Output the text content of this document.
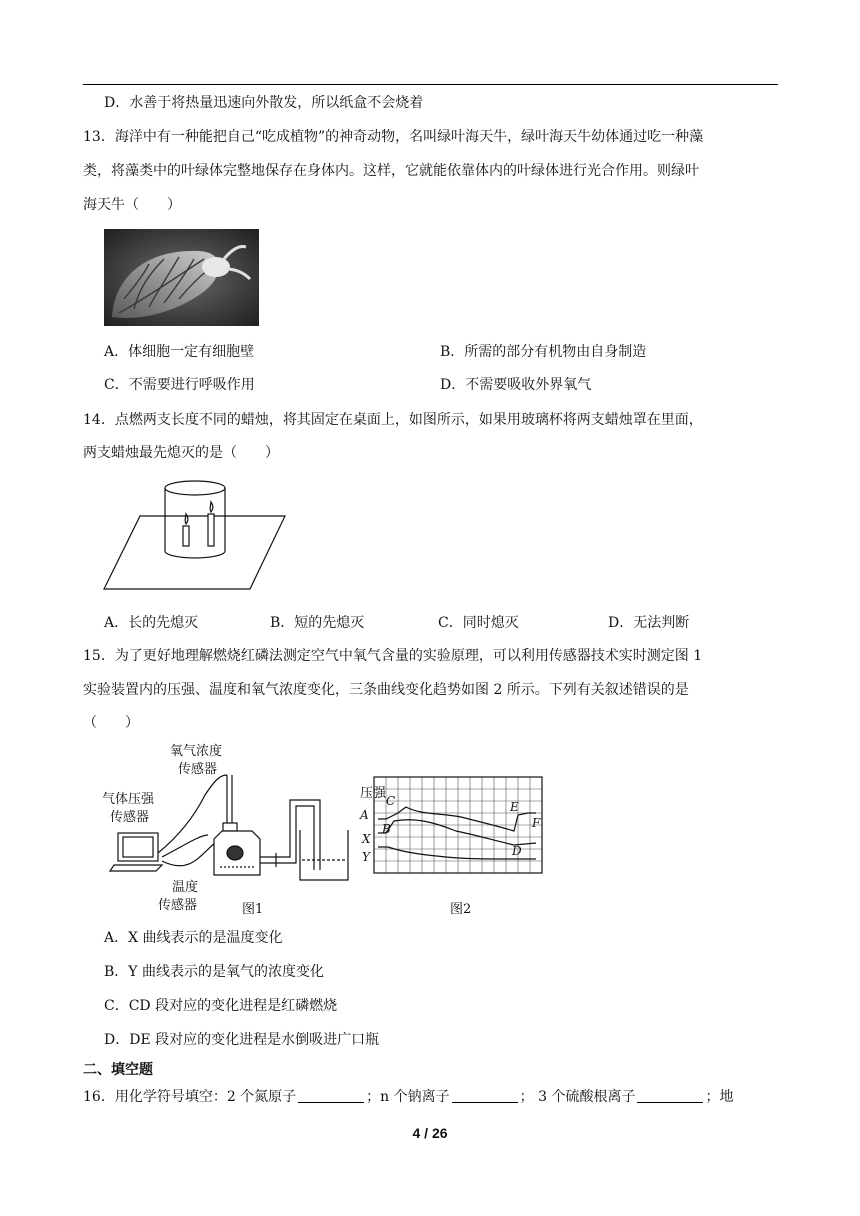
D．水善于将热量迅速向外散发，所以纸盒不会烧着
13．海洋中有一种能把自己“吃成植物”的神奇动物，名叫绿叶海天牛，绿叶海天牛幼体通过吃一种藻
类，将藻类中的叶绿体完整地保存在身体内。这样，它就能依靠体内的叶绿体进行光合作用。则绿叶
海天牛（　　）
A．体细胞一定有细胞壁	B．所需的部分有机物由自身制造
C．不需要进行呼吸作用	D．不需要吸收外界氧气
14．点燃两支长度不同的蜡烛，将其固定在桌面上，如图所示，如果用玻璃杯将两支蜡烛罩在里面，
两支蜡烛最先熄灭的是（　　）
A．长的先熄灭	B．短的先熄灭	C．同时熄灭	D．无法判断
15．为了更好地理解燃烧红磷法测定空气中氧气含量的实验原理，可以利用传感器技术实时测定图 1
实验装置内的压强、温度和氧气浓度变化，三条曲线变化趋势如图 2 所示。下列有关叙述错误的是
（　　）
氧气浓度
传感器
气体压强
传感器
温度
传感器	图1
压强
A
B
C
D
E
F
X
Y
图2
A．X 曲线表示的是温度变化
B．Y 曲线表示的是氧气的浓度变化
C．CD 段对应的变化进程是红磷燃烧
D．DE 段对应的变化进程是水倒吸进广口瓶
二、填空题
16．用化学符号填空：2 个氮原子	；n 个钠离子	； 3 个硫酸根离子	；地
4 / 26
